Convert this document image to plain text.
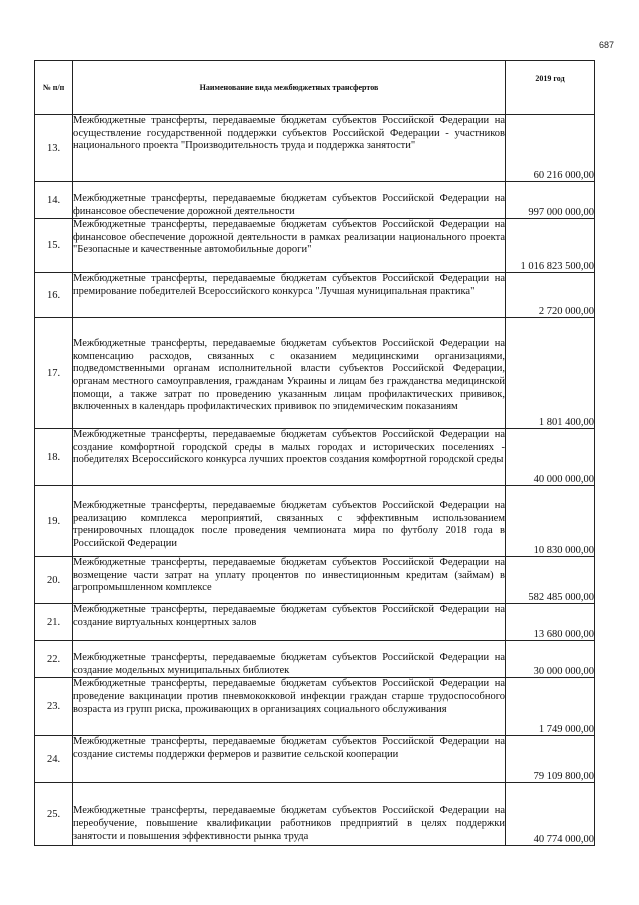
687
№ п/п	Наименование вида межбюджетных трансфертов	2019 год
13.	Межбюджетные трансферты, передаваемые бюджетам субъектов Российской Федерации на осуществление государственной поддержки субъектов Российской Федерации - участников национального проекта "Производительность труда и поддержка занятости"	60 216 000,00
14.	Межбюджетные трансферты, передаваемые бюджетам субъектов Российской Федерации на финансовое обеспечение дорожной деятельности	997 000 000,00
15.	Межбюджетные трансферты, передаваемые бюджетам субъектов Российской Федерации на финансовое обеспечение дорожной деятельности в рамках реализации национального проекта "Безопасные и качественные автомобильные дороги"	1 016 823 500,00
16.	Межбюджетные трансферты, передаваемые бюджетам субъектов Российской Федерации на премирование победителей Всероссийского конкурса "Лучшая муниципальная практика"	2 720 000,00
17.	Межбюджетные трансферты, передаваемые бюджетам субъектов Российской Федерации на компенсацию расходов, связанных с оказанием медицинскими организациями, подведомственными органам исполнительной власти субъектов Российской Федерации, органам местного самоуправления, гражданам Украины и лицам без гражданства медицинской помощи, а также затрат по проведению указанным лицам профилактических прививок, включенных в календарь профилактических прививок по эпидемическим показаниям	1 801 400,00
18.	Межбюджетные трансферты, передаваемые бюджетам субъектов Российской Федерации на создание комфортной городской среды в малых городах и исторических поселениях - победителях Всероссийского конкурса лучших проектов создания комфортной городской среды	40 000 000,00
19.	Межбюджетные трансферты, передаваемые бюджетам субъектов Российской Федерации на реализацию комплекса мероприятий, связанных с эффективным использованием тренировочных площадок после проведения чемпионата мира по футболу 2018 года в Российской Федерации	10 830 000,00
20.	Межбюджетные трансферты, передаваемые бюджетам субъектов Российской Федерации на возмещение части затрат на уплату процентов по инвестиционным кредитам (займам) в агропромышленном комплексе	582 485 000,00
21.	Межбюджетные трансферты, передаваемые бюджетам субъектов Российской Федерации на создание виртуальных концертных залов	13 680 000,00
22.	Межбюджетные трансферты, передаваемые бюджетам субъектов Российской Федерации на создание модельных муниципальных библиотек	30 000 000,00
23.	Межбюджетные трансферты, передаваемые бюджетам субъектов Российской Федерации на проведение вакцинации против пневмококковой инфекции граждан старше трудоспособного возраста из групп риска, проживающих в организациях социального обслуживания	1 749 000,00
24.	Межбюджетные трансферты, передаваемые бюджетам субъектов Российской Федерации на создание системы поддержки фермеров и развитие сельской кооперации	79 109 800,00
25.	Межбюджетные трансферты, передаваемые бюджетам субъектов Российской Федерации на переобучение, повышение квалификации работников предприятий в целях поддержки занятости и повышения эффективности рынка труда	40 774 000,00
